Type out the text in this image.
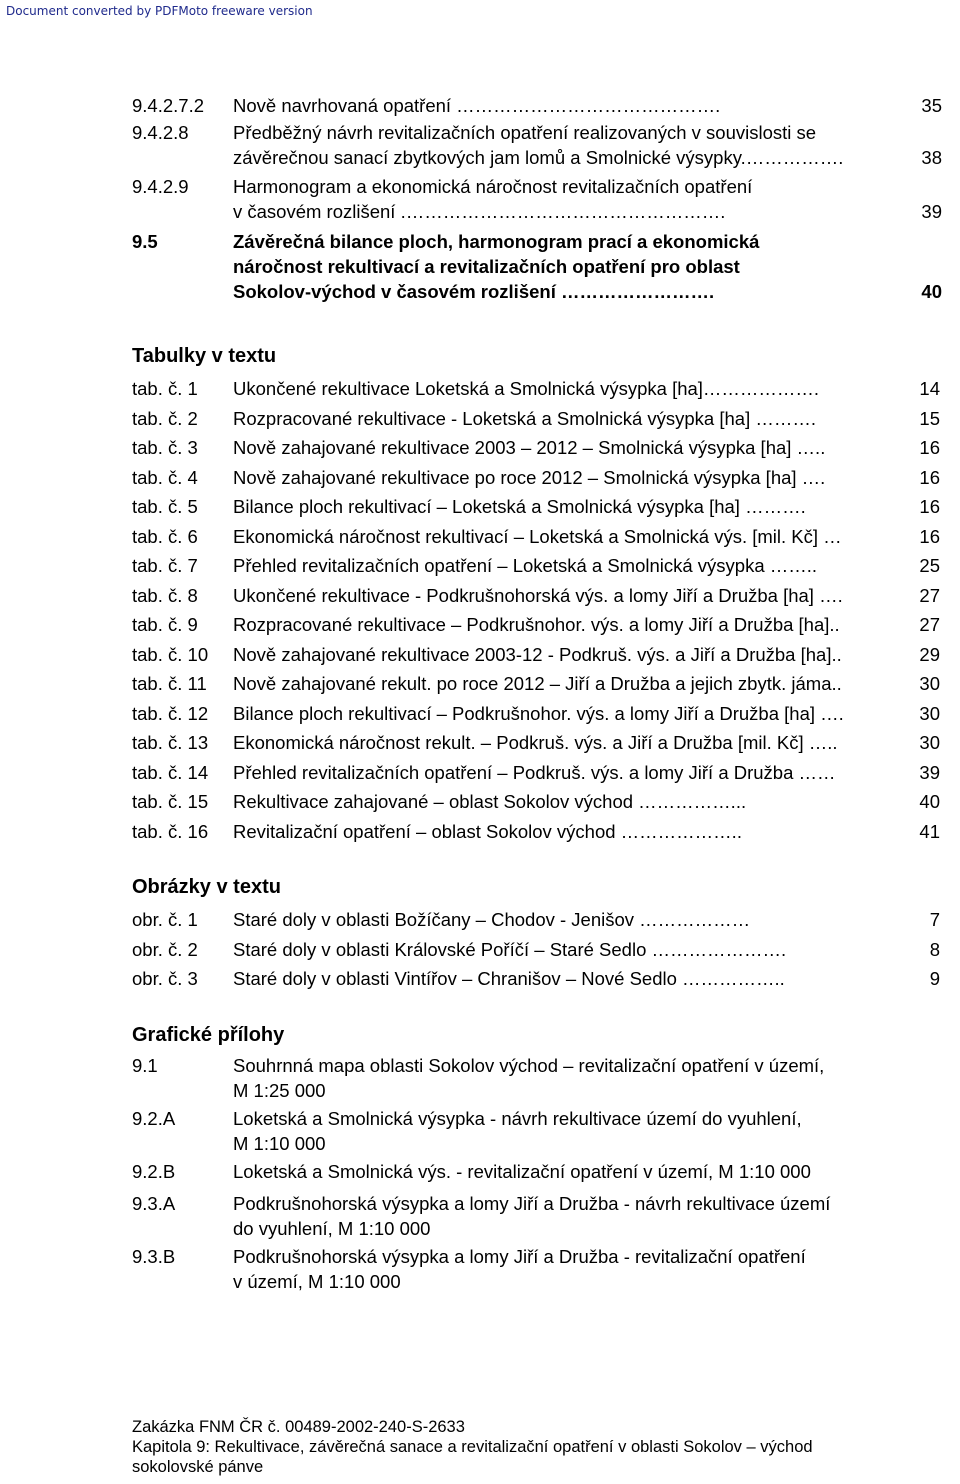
Document converted by PDFMoto freeware version
9.4.2.7.2 Nově navrhovaná opatření …………………………………….	35
9.4.2.8 Předběžný návrh revitalizačních opatření realizovaných v souvislosti se
závěrečnou sanací zbytkových jam lomů a Smolnické výsypky.…………….	38
9.4.2.9 Harmonogram a ekonomická náročnost revitalizačních opatření
v časovém rozlišení .…………………………………………….	39
9.5	Závěrečná bilance ploch, harmonogram prací a ekonomická
náročnost rekultivací a revitalizačních opatření pro oblast
Sokolov-východ v časovém rozlišení …………………….	40
Tabulky v textu
tab. č. 1 Ukončené rekultivace Loketská a Smolnická výsypka [ha]……………….	14
tab. č. 2 Rozpracované rekultivace - Loketská a Smolnická výsypka [ha] ……….	15
tab. č. 3 Nově zahajované rekultivace 2003 – 2012 – Smolnická výsypka [ha] …..	16
tab. č. 4 Nově zahajované rekultivace po roce 2012 – Smolnická výsypka [ha] ….	16
tab. č. 5 Bilance ploch rekultivací – Loketská a Smolnická výsypka [ha] ……….	16
tab. č. 6 Ekonomická náročnost rekultivací – Loketská a Smolnická výs. [mil. Kč] …	16
tab. č. 7 Přehled revitalizačních opatření – Loketská a Smolnická výsypka ……..	25
tab. č. 8 Ukončené rekultivace - Podkrušnohorská výs. a lomy Jiří a Družba [ha] ….	27
tab. č. 9 Rozpracované rekultivace – Podkrušnohor. výs. a lomy Jiří a Družba [ha]..	27
tab. č. 10 Nově zahajované rekultivace 2003-12 - Podkruš. výs. a Jiří a Družba [ha]..	29
tab. č. 11 Nově zahajované rekult. po roce 2012 – Jiří a Družba a jejich zbytk. jáma..	30
tab. č. 12 Bilance ploch rekultivací – Podkrušnohor. výs. a lomy Jiří a Družba [ha] ….	30
tab. č. 13 Ekonomická náročnost rekult. – Podkruš. výs. a Jiří a Družba [mil. Kč] …..	30
tab. č. 14 Přehled revitalizačních opatření – Podkruš. výs. a lomy Jiří a Družba ……	39
tab. č. 15 Rekultivace zahajované – oblast Sokolov východ ……………...	40
tab. č. 16 Revitalizační opatření – oblast Sokolov východ ………………..	41
Obrázky v textu
obr. č. 1 Staré doly v oblasti Božíčany – Chodov - Jenišov ………………	7
obr. č. 2 Staré doly v oblasti Královské Poříčí – Staré Sedlo ………………….	8
obr. č. 3 Staré doly v oblasti Vintířov – Chranišov – Nové Sedlo ……………..	9
Grafické přílohy
9.1	Souhrnná mapa oblasti Sokolov východ – revitalizační opatření v území,
M 1:25 000
9.2.A	Loketská a Smolnická výsypka - návrh rekultivace území do vyuhlení,
M 1:10 000
9.2.B	Loketská a Smolnická výs. - revitalizační opatření v území, M 1:10 000
9.3.A	Podkrušnohorská výsypka a lomy Jiří a Družba - návrh rekultivace území
do vyuhlení, M 1:10 000
9.3.B	Podkrušnohorská výsypka a lomy Jiří a Družba - revitalizační opatření
v území, M 1:10 000
Zakázka FNM ČR č. 00489-2002-240-S-2633
Kapitola 9: Rekultivace, závěrečná sanace a revitalizační opatření v oblasti Sokolov – východ
sokolovské pánve
